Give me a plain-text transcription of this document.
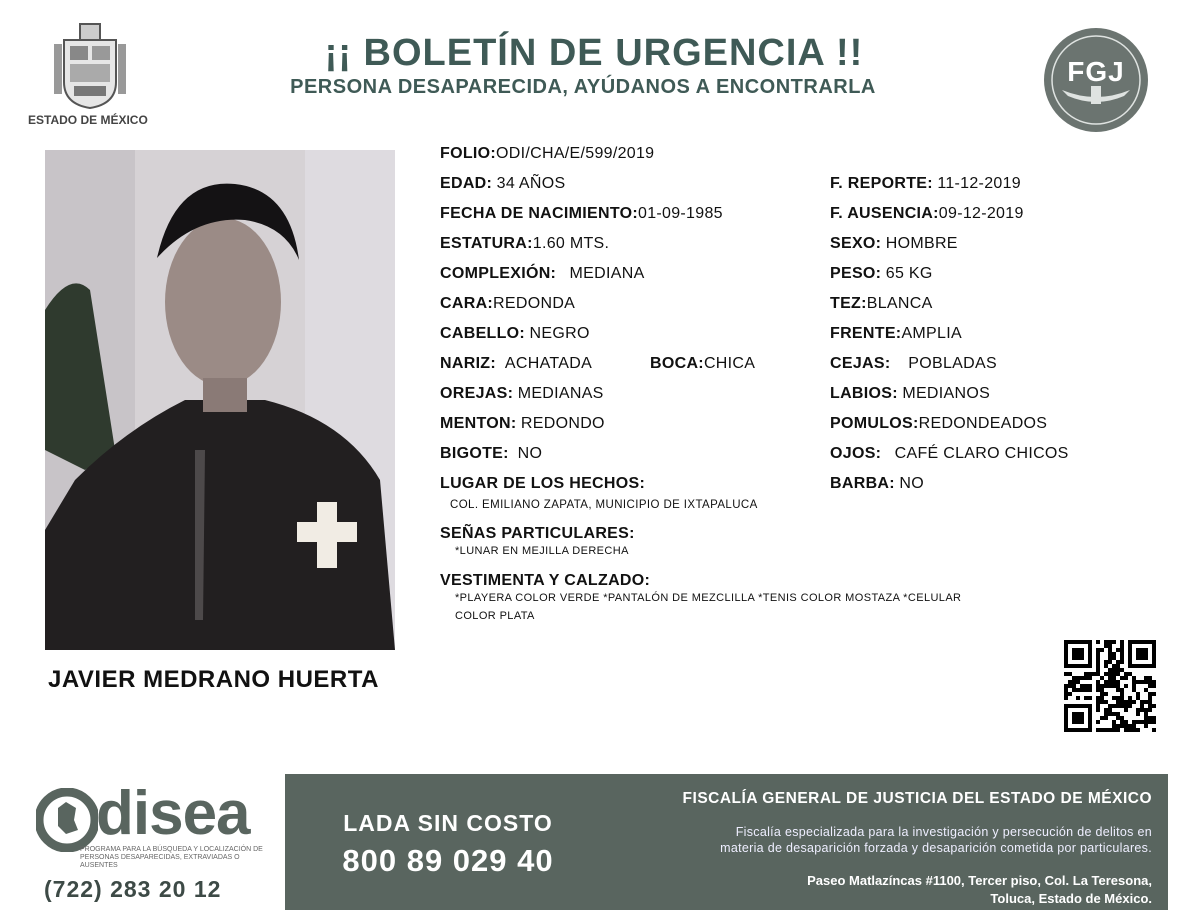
ESTADO DE MÉXICO
¡¡ BOLETÍN DE URGENCIA !!
PERSONA DESAPARECIDA, AYÚDANOS A ENCONTRARLA	FGJ
JAVIER MEDRANO HUERTA
FOLIO:ODI/CHA/E/599/2019
EDAD: 34 AÑOS
FECHA DE NACIMIENTO:01-09-1985
ESTATURA:1.60 MTS.
COMPLEXIÓN: MEDIANA
CARA:REDONDA
CABELLO: NEGRO
NARIZ: ACHATADA	BOCA:CHICA
OREJAS: MEDIANAS
MENTON: REDONDO
BIGOTE: NO
F. REPORTE: 11-12-2019
F. AUSENCIA:09-12-2019
SEXO: HOMBRE
PESO: 65 KG
TEZ:BLANCA
FRENTE:AMPLIA
CEJAS: POBLADAS
LABIOS: MEDIANOS
POMULOS:REDONDEADOS
OJOS: CAFÉ CLARO CHICOS
BARBA: NO
LUGAR DE LOS HECHOS:
COL. EMILIANO ZAPATA, MUNICIPIO DE IXTAPALUCA
SEÑAS PARTICULARES:
*LUNAR EN MEJILLA DERECHA
VESTIMENTA Y CALZADO:
*PLAYERA COLOR VERDE *PANTALÓN DE MEZCLILLA *TENIS COLOR MOSTAZA *CELULAR
COLOR PLATA
disea
PROGRAMA PARA LA BÚSQUEDA Y LOCALIZACIÓN DE PERSONAS DESAPARECIDAS, EXTRAVIADAS O AUSENTES
(722) 283 20 12
LADA SIN COSTO
800 89 029 40
FISCALÍA GENERAL DE JUSTICIA DEL ESTADO DE MÉXICO
Fiscalía especializada para la investigación y persecución de delitos en
materia de desaparición forzada y desaparición cometida por particulares.
Paseo Matlazíncas #1100, Tercer piso, Col. La Teresona,
Toluca, Estado de México.
